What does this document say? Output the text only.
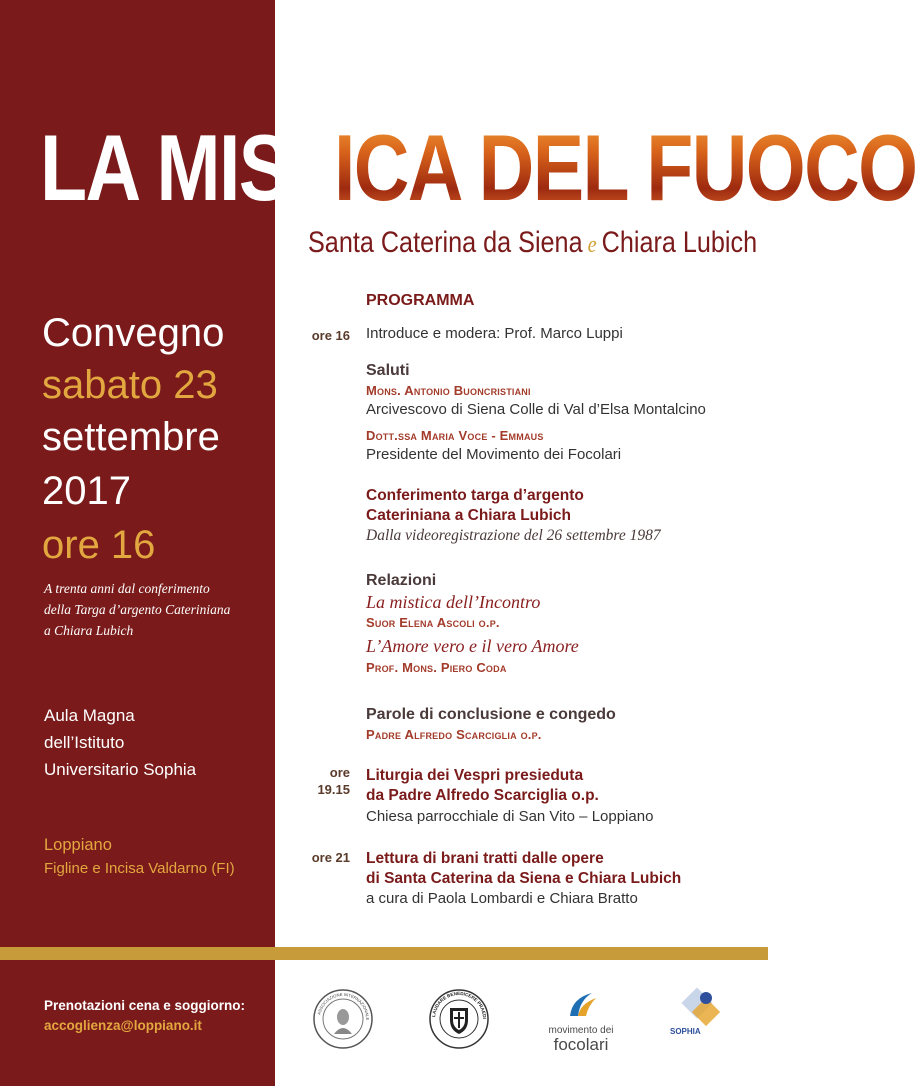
LA MISTICA DEL FUOCO
Santa Caterina da Siena e Chiara Lubich
Convegno
sabato 23
settembre
2017
ore 16
A trenta anni dal conferimento
della Targa d’argento Cateriniana
a Chiara Lubich
Aula Magna
dell’Istituto
Universitario Sophia
Loppiano
Figline e Incisa Valdarno (FI)
PROGRAMMA
ore 16 Introduce e modera: Prof. Marco Luppi
Saluti
Mons. Antonio Buoncristiani
Arcivescovo di Siena Colle di Val d’Elsa Montalcino
Dott.ssa Maria Voce - Emmaus
Presidente del Movimento dei Focolari
Conferimento targa d’argento
Cateriniana a Chiara Lubich
Dalla videoregistrazione del 26 settembre 1987
Relazioni
La mistica dell’Incontro
Suor Elena Ascoli o.p.
L’Amore vero e il vero Amore
Prof. Mons. Piero Coda
Parole di conclusione e congedo
Padre Alfredo Scarciglia o.p.
ore
19.15
Liturgia dei Vespri presieduta
da Padre Alfredo Scarciglia o.p.
Chiesa parrocchiale di San Vito – Loppiano
ore 21 Lettura di brani tratti dalle opere
di Santa Caterina da Siena e Chiara Lubich
a cura di Paola Lombardi e Chiara Bratto
Prenotazioni cena e soggiorno:
accoglienza@loppiano.it
ASSOCIAZIONE INTERNAZIONALE
LAUDARE BENEDICERE PRAEDI
movimento dei
focolari
SOPHIA
